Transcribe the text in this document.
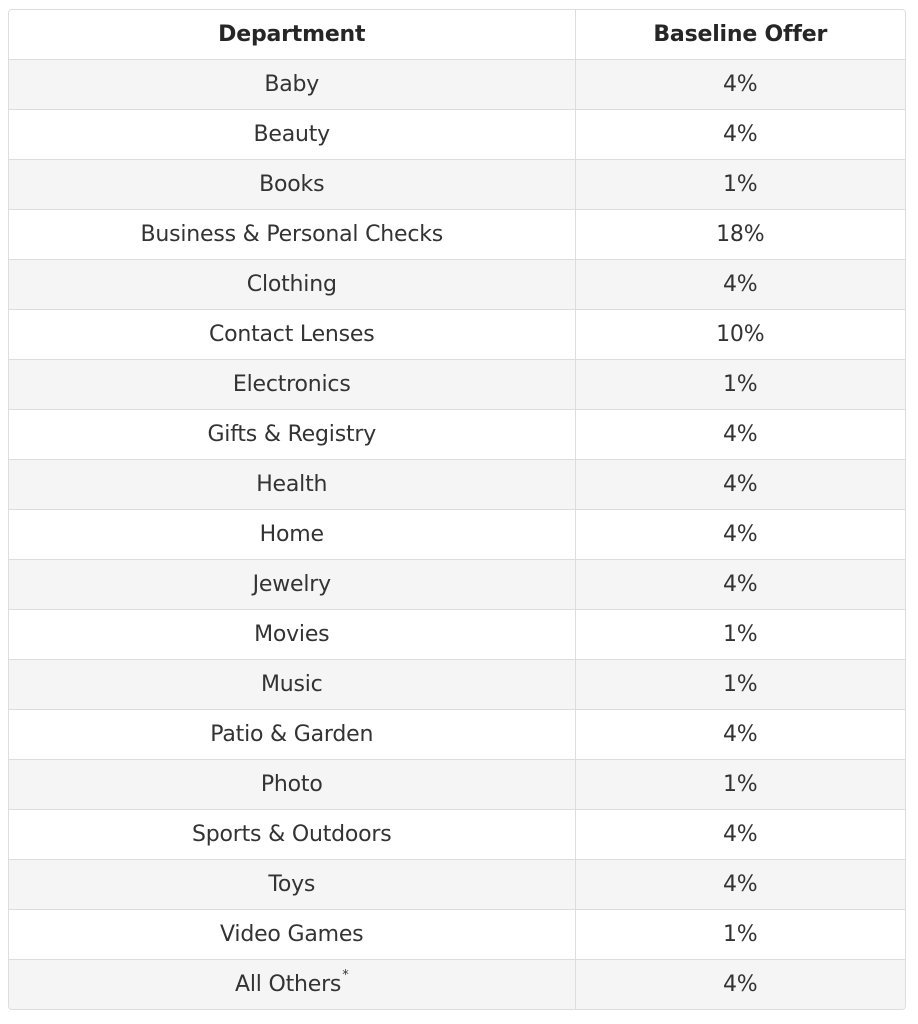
Department	Baseline Offer
Baby	4%
Beauty	4%
Books	1%
Business & Personal Checks	18%
Clothing	4%
Contact Lenses	10%
Electronics	1%
Gifts & Registry	4%
Health	4%
Home	4%
Jewelry	4%
Movies	1%
Music	1%
Patio & Garden	4%
Photo	1%
Sports & Outdoors	4%
Toys	4%
Video Games	1%
All Others*	4%
